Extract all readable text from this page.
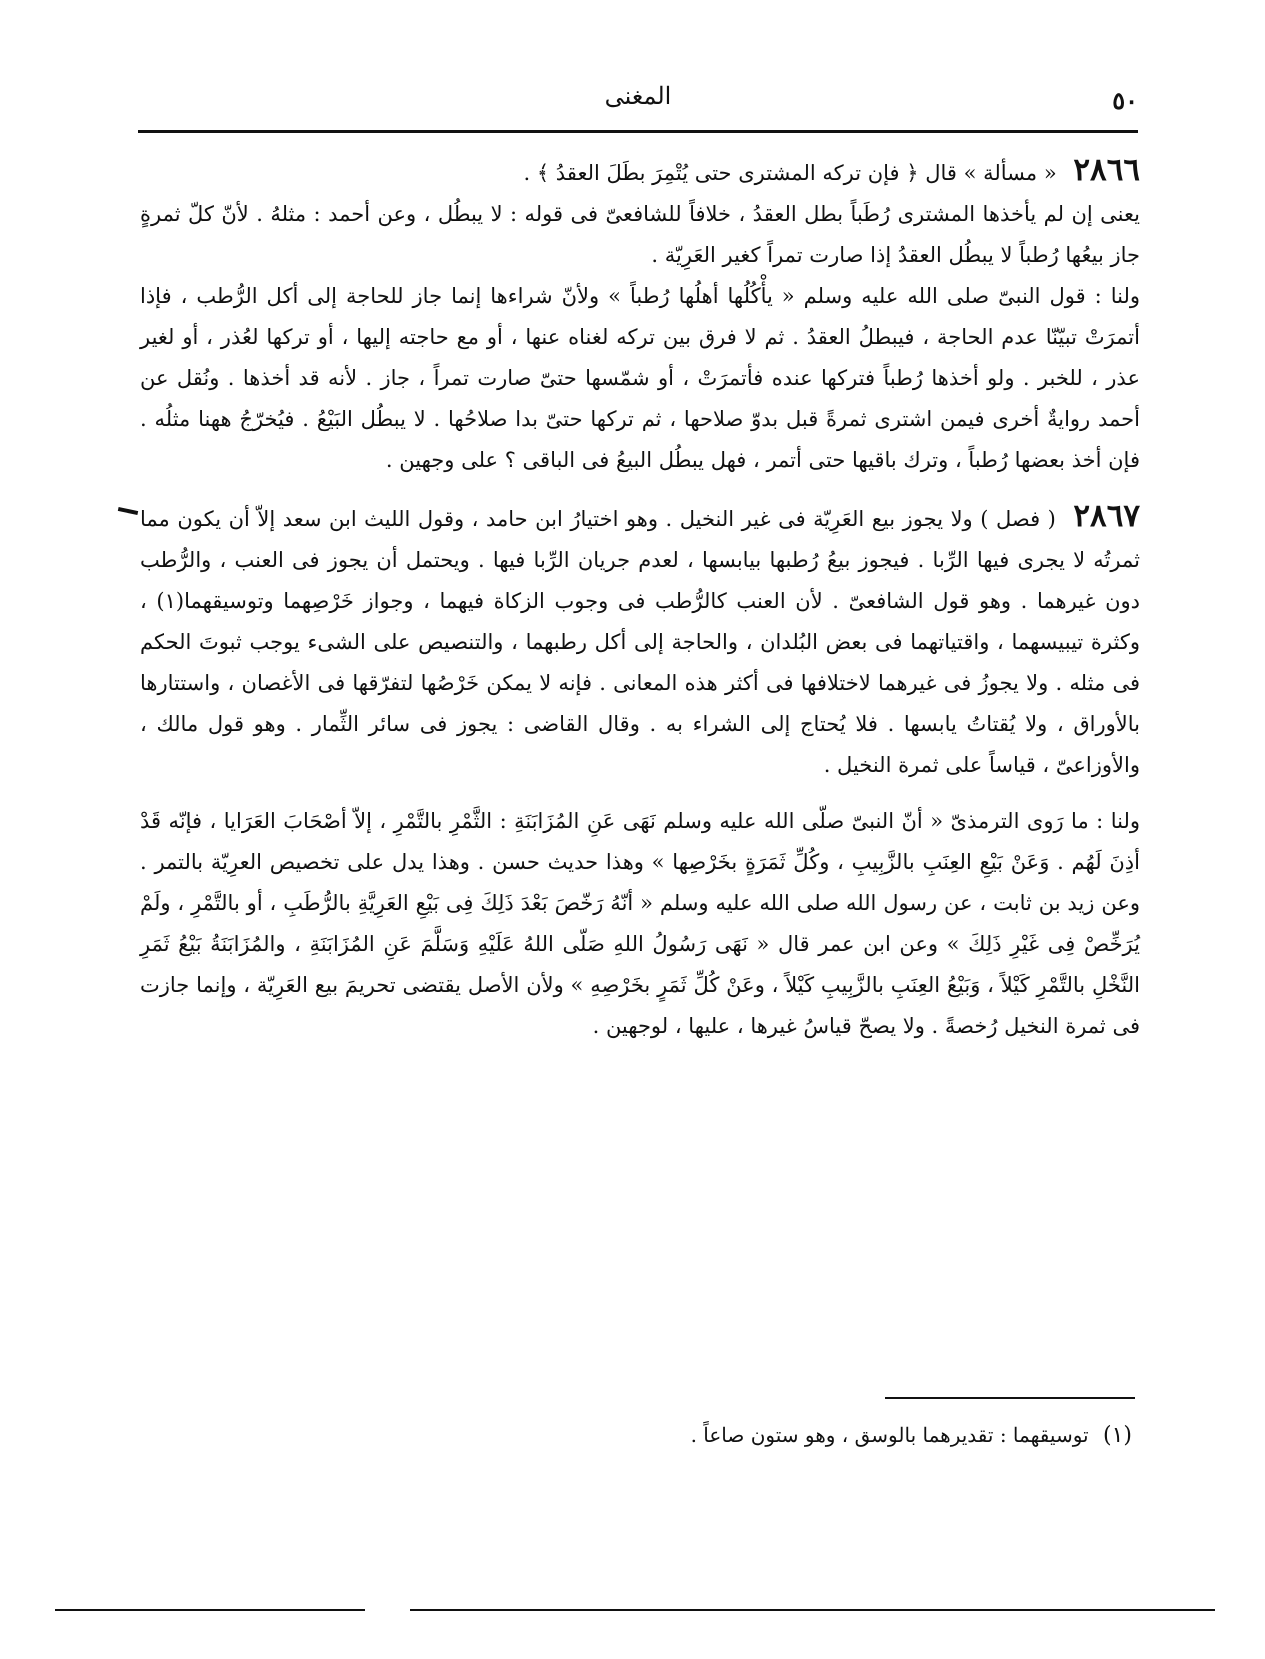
٥٠
المغنى

٢٨٦٦ « مسألة » قال ﴿ فإن تركه المشترى حتى يُتْمِرَ بطَلَ العقدُ ﴾ .

يعنى إن لم يأخذها المشترى رُطَباً بطل العقدُ ، خلافاً للشافعىّ فى قوله : لا يبطُل ، وعن أحمد : مثلهُ . لأنّ كلّ ثمرةٍ جاز بيعُها رُطباً لا يبطُل العقدُ إذا صارت تمراً كغير العَرِيّة .

ولنا : قول النبىّ صلى الله عليه وسلم « يأْكُلُها أهلُها رُطباً » ولأنّ شراءها إنما جاز للحاجة إلى أكل الرُّطب ، فإذا أتمرَتْ تبيّنّا عدم الحاجة ، فيبطلُ العقدُ . ثم لا فرق بين تركه لغناه عنها ، أو مع حاجته إليها ، أو تركها لعُذر ، أو لغير عذر ، للخبر . ولو أخذها رُطباً فتركها عنده فأتمرَتْ ، أو شمّسها حتىّ صارت تمراً ، جاز . لأنه قد أخذها . ونُقل عن أحمد روايةٌ أخرى فيمن اشترى ثمرةً قبل بدوّ صلاحها ، ثم تركها حتىّ بدا صلاحُها . لا يبطُل البَيْعُ . فيُخرّجُ ههنا مثلُه . فإن أخذ بعضها رُطباً ، وترك باقيها حتى أتمر ، فهل يبطُل البيعُ فى الباقى ؟ على وجهين .

٢٨٦٧ ( فصل ) ولا يجوز بيع العَرِيّة فى غير النخيل . وهو اختيارُ ابن حامد ، وقول الليث ابن سعد إلاّ أن يكون مما ثمرتُه لا يجرى فيها الرِّبا . فيجوز بيعُ رُطبها بيابسها ، لعدم جريان الرِّبا فيها . ويحتمل أن يجوز فى العنب ، والرُّطب دون غيرهما . وهو قول الشافعىّ . لأن العنب كالرُّطب فى وجوب الزكاة فيهما ، وجواز خَرْصِهما وتوسيقهما(١) ، وكثرة تيبيسهما ، واقتياتهما فى بعض البُلدان ، والحاجة إلى أكل رطبهما ، والتنصيص على الشىء يوجب ثبوتَ الحكم فى مثله . ولا يجوزُ فى غيرهما لاختلافها فى أكثر هذه المعانى . فإنه لا يمكن خَرْصُها لتفرّقها فى الأغصان ، واستتارها بالأوراق ، ولا يُقتاتُ يابسها . فلا يُحتاج إلى الشراء به . وقال القاضى : يجوز فى سائر الثِّمار . وهو قول مالك ، والأوزاعىّ ، قياساً على ثمرة النخيل .

ولنا : ما رَوى الترمذىّ « أنّ النبىّ صلّى الله عليه وسلم نَهَى عَنِ المُزَابَنَةِ : الثَّمْرِ بالتَّمْرِ ، إلاّ أصْحَابَ العَرَايا ، فإنّه قَدْ أذِنَ لَهُم . وَعَنْ بَيْعِ العِنَبِ بالزَّبِيبِ ، وكُلِّ ثَمَرَةٍ بخَرْصِها » وهذا حديث حسن . وهذا يدل على تخصيص العرِيّة بالتمر . وعن زيد بن ثابت ، عن رسول الله صلى الله عليه وسلم « أنّهُ رَخّصَ بَعْدَ ذَلِكَ فِى بَيْعِ العَرِيَّةِ بالرُّطَبِ ، أو بالتَّمْرِ ، ولَمْ يُرَخِّصْ فِى غَيْرِ ذَلِكَ » وعن ابن عمر قال « نَهَى رَسُولُ اللهِ صَلّى اللهُ عَلَيْهِ وَسَلَّمَ عَنِ المُزَابَنَةِ ، والمُزَابَنَةُ بَيْعُ ثَمَرِ النَّخْلِ بالتَّمْرِ كَيْلاً ، وَبَيْعُ العِنَبِ بالزَّبِيبِ كَيْلاً ، وعَنْ كُلِّ ثَمَرٍ بخَرْصِهِ » ولأن الأصل يقتضى تحريمَ بيع العَرِيّة ، وإنما جازت فى ثمرة النخيل رُخصةً . ولا يصحّ قياسُ غيرها ، عليها ، لوجهين .

(١) توسيقهما : تقديرهما بالوسق ، وهو ستون صاعاً .
